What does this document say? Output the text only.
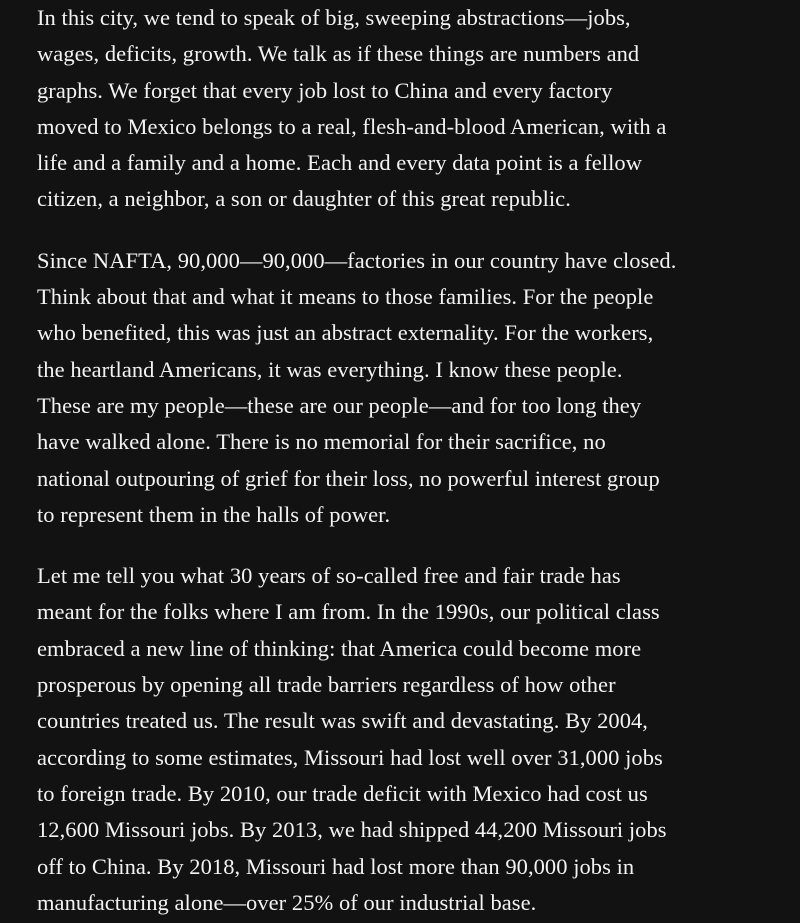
In this city, we tend to speak of big, sweeping abstractions—jobs,
wages, deficits, growth. We talk as if these things are numbers and
graphs. We forget that every job lost to China and every factory
moved to Mexico belongs to a real, flesh-and-blood American, with a
life and a family and a home. Each and every data point is a fellow
citizen, a neighbor, a son or daughter of this great republic.

Since NAFTA, 90,000—90,000—factories in our country have closed.
Think about that and what it means to those families. For the people
who benefited, this was just an abstract externality. For the workers,
the heartland Americans, it was everything. I know these people.
These are my people—these are our people—and for too long they
have walked alone. There is no memorial for their sacrifice, no
national outpouring of grief for their loss, no powerful interest group
to represent them in the halls of power.

Let me tell you what 30 years of so-called free and fair trade has
meant for the folks where I am from. In the 1990s, our political class
embraced a new line of thinking: that America could become more
prosperous by opening all trade barriers regardless of how other
countries treated us. The result was swift and devastating. By 2004,
according to some estimates, Missouri had lost well over 31,000 jobs
to foreign trade. By 2010, our trade deficit with Mexico had cost us
12,600 Missouri jobs. By 2013, we had shipped 44,200 Missouri jobs
off to China. By 2018, Missouri had lost more than 90,000 jobs in
manufacturing alone—over 25% of our industrial base.
